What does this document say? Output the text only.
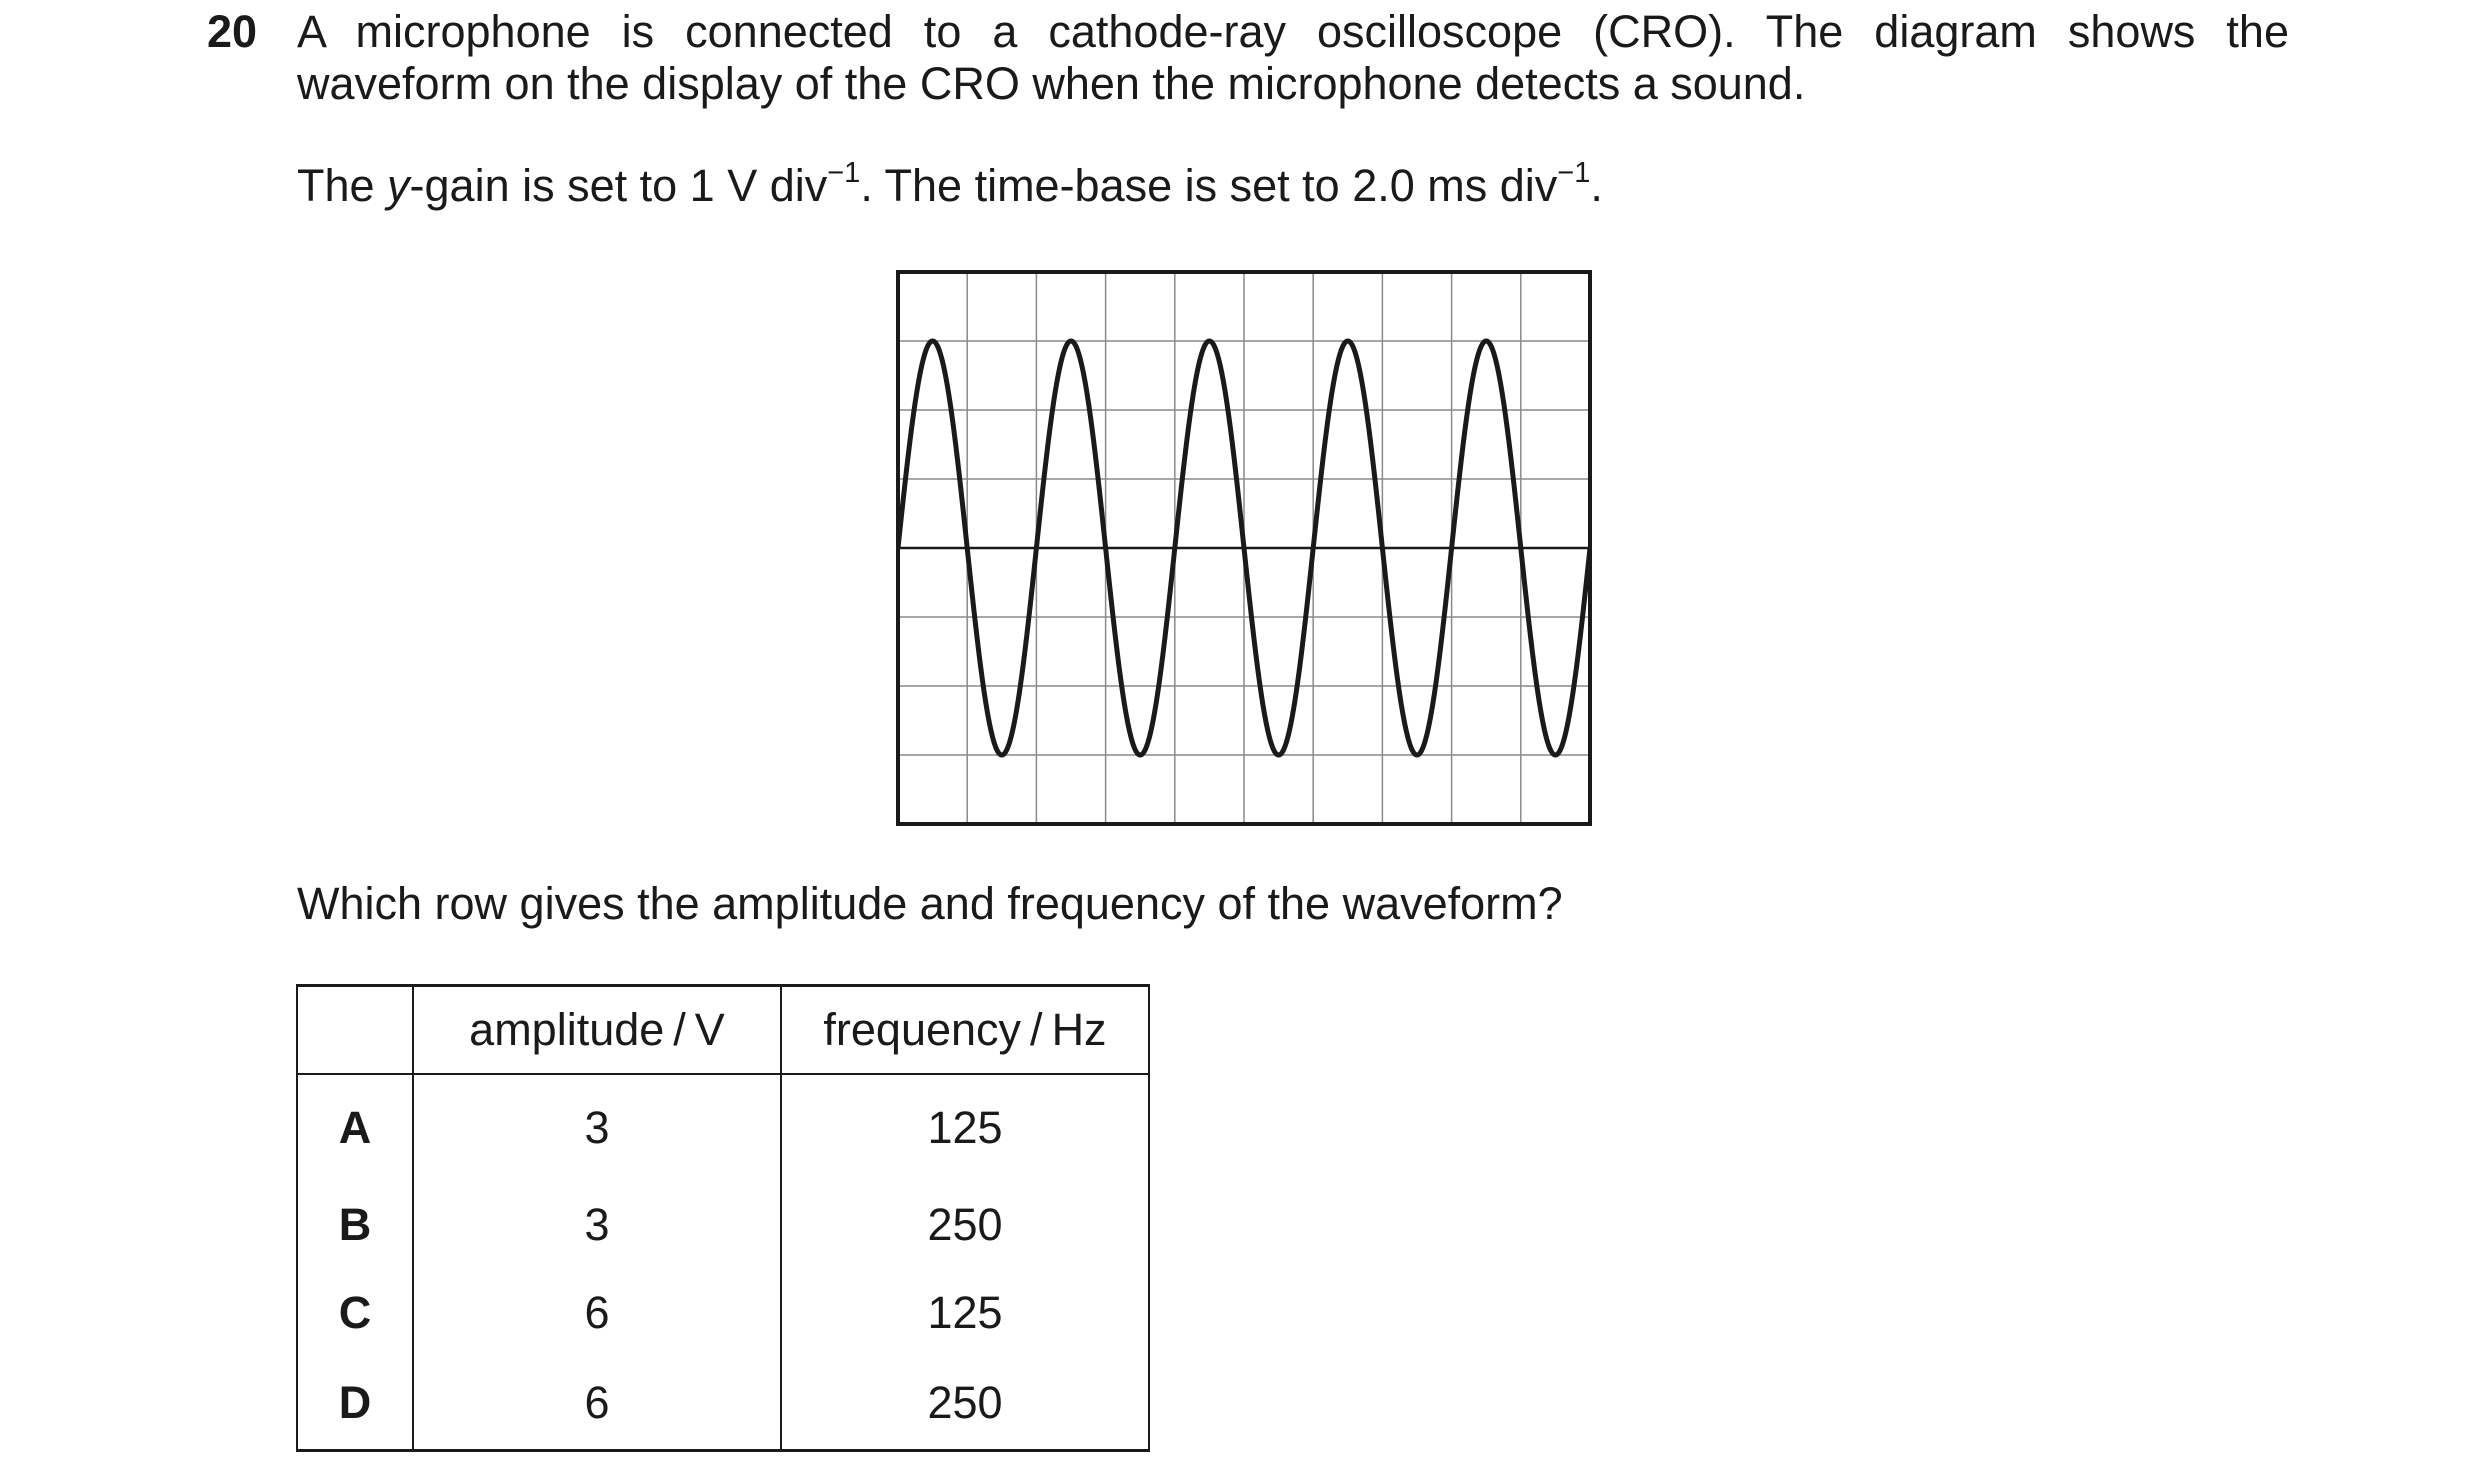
20 A microphone is connected to a cathode-ray oscilloscope (CRO). The diagram shows the
waveform on the display of the CRO when the microphone detects a sound.

The y-gain is set to 1 V div$^{-1}$. The time-base is set to 2.0 ms div$^{-1}$.
Which row gives the amplitude and frequency of the waveform?
	amplitude / V	frequency / Hz
A	3	125
B	3	250
C	6	125
D	6	250
